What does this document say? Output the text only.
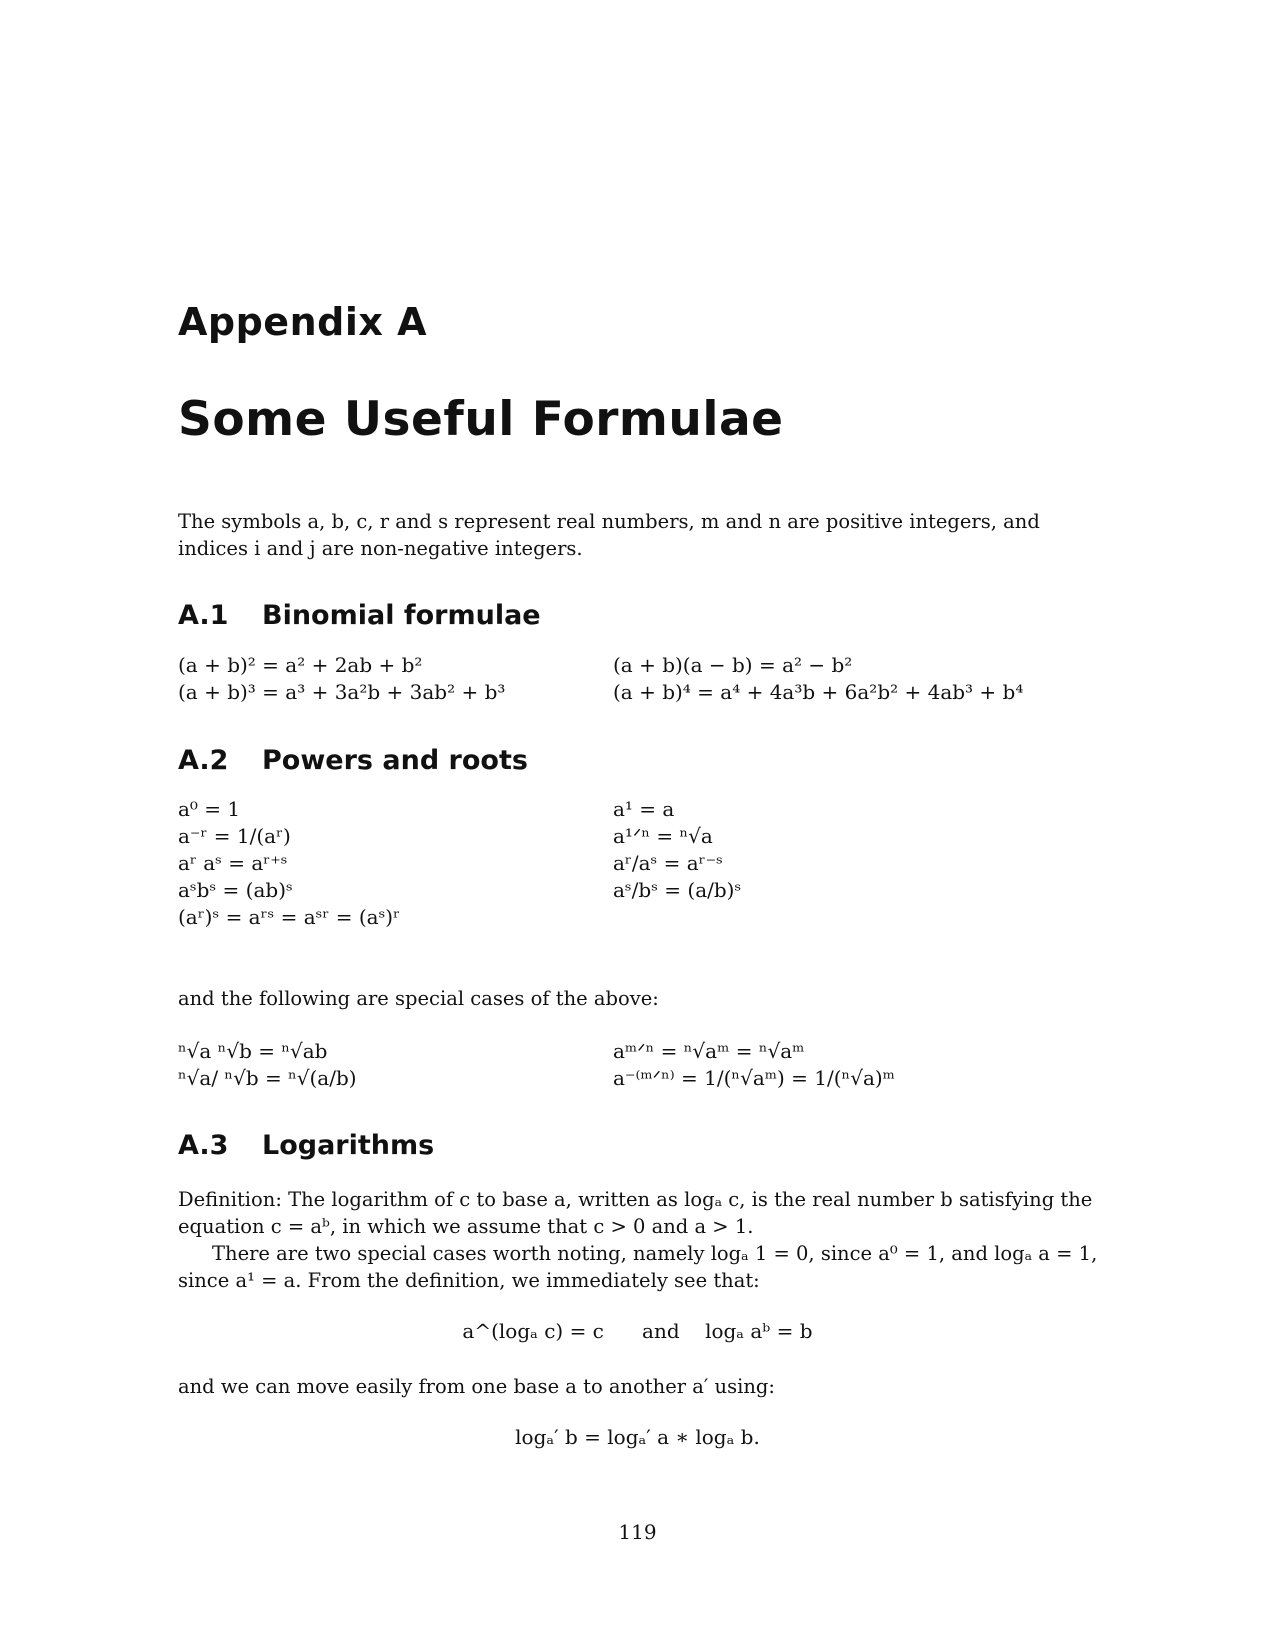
Appendix A
Some Useful Formulae
The symbols a, b, c, r and s represent real numbers, m and n are positive integers, and indices i and j are non-negative integers.
A.1 Binomial formulae
(a + b)² = a² + 2ab + b²
(a + b)³ = a³ + 3a²b + 3ab² + b³
(a + b)(a − b) = a² − b²
(a + b)⁴ = a⁴ + 4a³b + 6a²b² + 4ab³ + b⁴
A.2 Powers and roots
a⁰ = 1
a⁻ʳ = 1/(aʳ)
aʳ aˢ = aʳ⁺ˢ
aˢbˢ = (ab)ˢ
(aʳ)ˢ = aʳˢ = aˢʳ = (aˢ)ʳ
a¹ = a
a¹ᐟⁿ = ⁿ√a
aʳ/aˢ = aʳ⁻ˢ
aˢ/bˢ = (a/b)ˢ
and the following are special cases of the above:
ⁿ√a ⁿ√b = ⁿ√ab
ⁿ√a/ ⁿ√b = ⁿ√(a/b)
aᵐᐟⁿ = ⁿ√aᵐ = ⁿ√aᵐ
a⁻⁽ᵐᐟⁿ⁾ = 1/(ⁿ√aᵐ) = 1/(ⁿ√a)ᵐ
A.3 Logarithms
Definition: The logarithm of c to base a, written as logₐ c, is the real number b satisfying the equation c = aᵇ, in which we assume that c > 0 and a > 1.
There are two special cases worth noting, namely logₐ 1 = 0, since a⁰ = 1, and logₐ a = 1, since a¹ = a. From the definition, we immediately see that:
a^(logₐ c) = c      and    logₐ aᵇ = b
and we can move easily from one base a to another a′ using:
logₐ′ b = logₐ′ a ∗ logₐ b.
119
